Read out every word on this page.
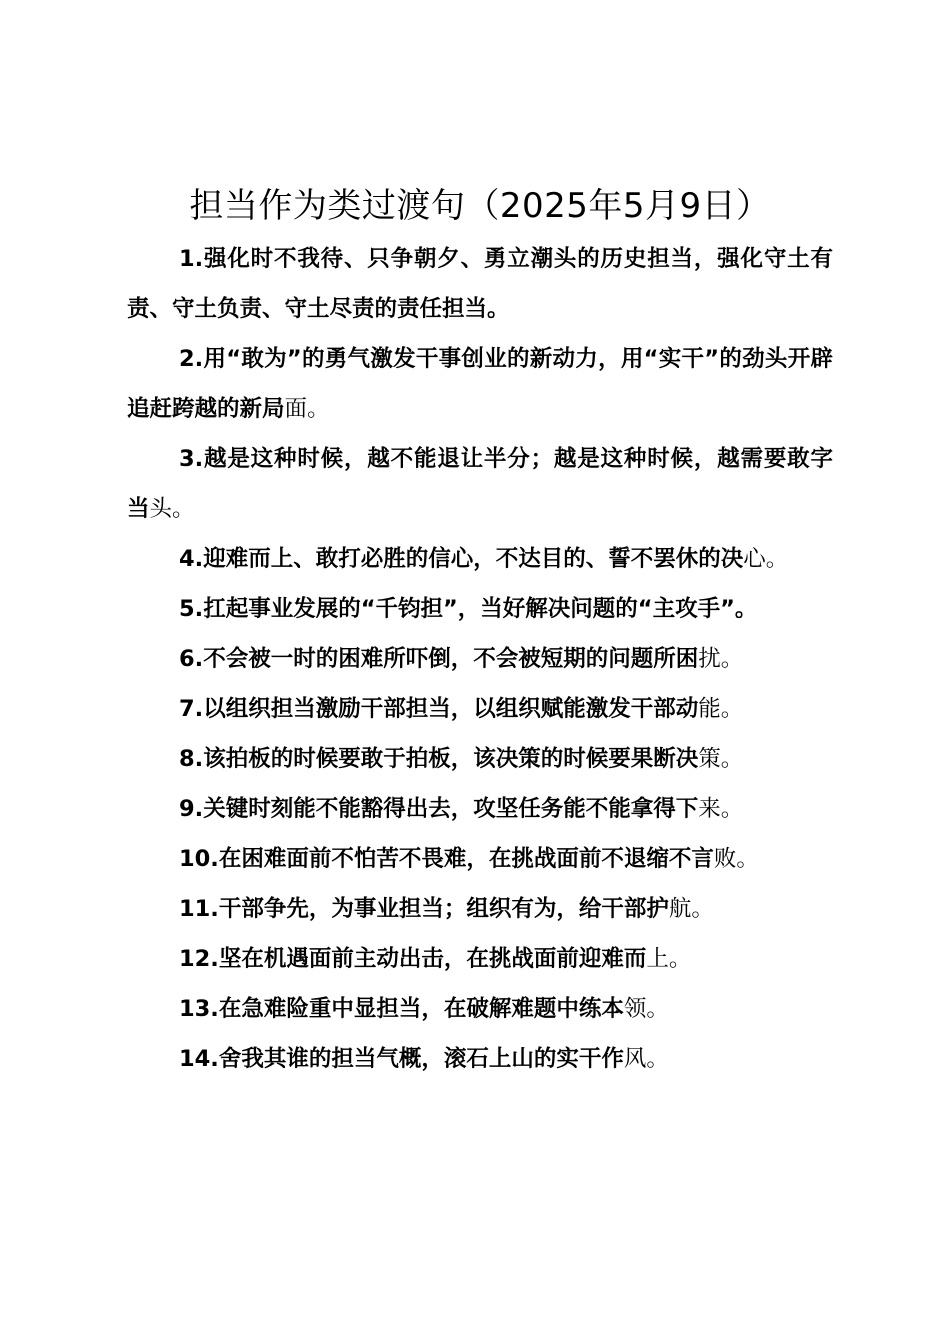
担当作为类过渡句（2025年5月9日）

1.强化时不我待、只争朝夕、勇立潮头的历史担当，强化守土有责、守土负责、守土尽责的责任担当。

2.用“敢为”的勇气激发干事创业的新动力，用“实干”的劲头开辟追赶跨越的新局面。

3.越是这种时候，越不能退让半分；越是这种时候，越需要敢字当头。

4.迎难而上、敢打必胜的信心，不达目的、誓不罢休的决心。

5.扛起事业发展的“千钧担”，当好解决问题的“主攻手”。

6.不会被一时的困难所吓倒，不会被短期的问题所困扰。

7.以组织担当激励干部担当，以组织赋能激发干部动能。

8.该拍板的时候要敢于拍板，该决策的时候要果断决策。

9.关键时刻能不能豁得出去，攻坚任务能不能拿得下来。

10.在困难面前不怕苦不畏难，在挑战面前不退缩不言败。

11.干部争先，为事业担当；组织有为，给干部护航。

12.坚在机遇面前主动出击，在挑战面前迎难而上。

13.在急难险重中显担当，在破解难题中练本领。

14.舍我其谁的担当气概，滚石上山的实干作风。
